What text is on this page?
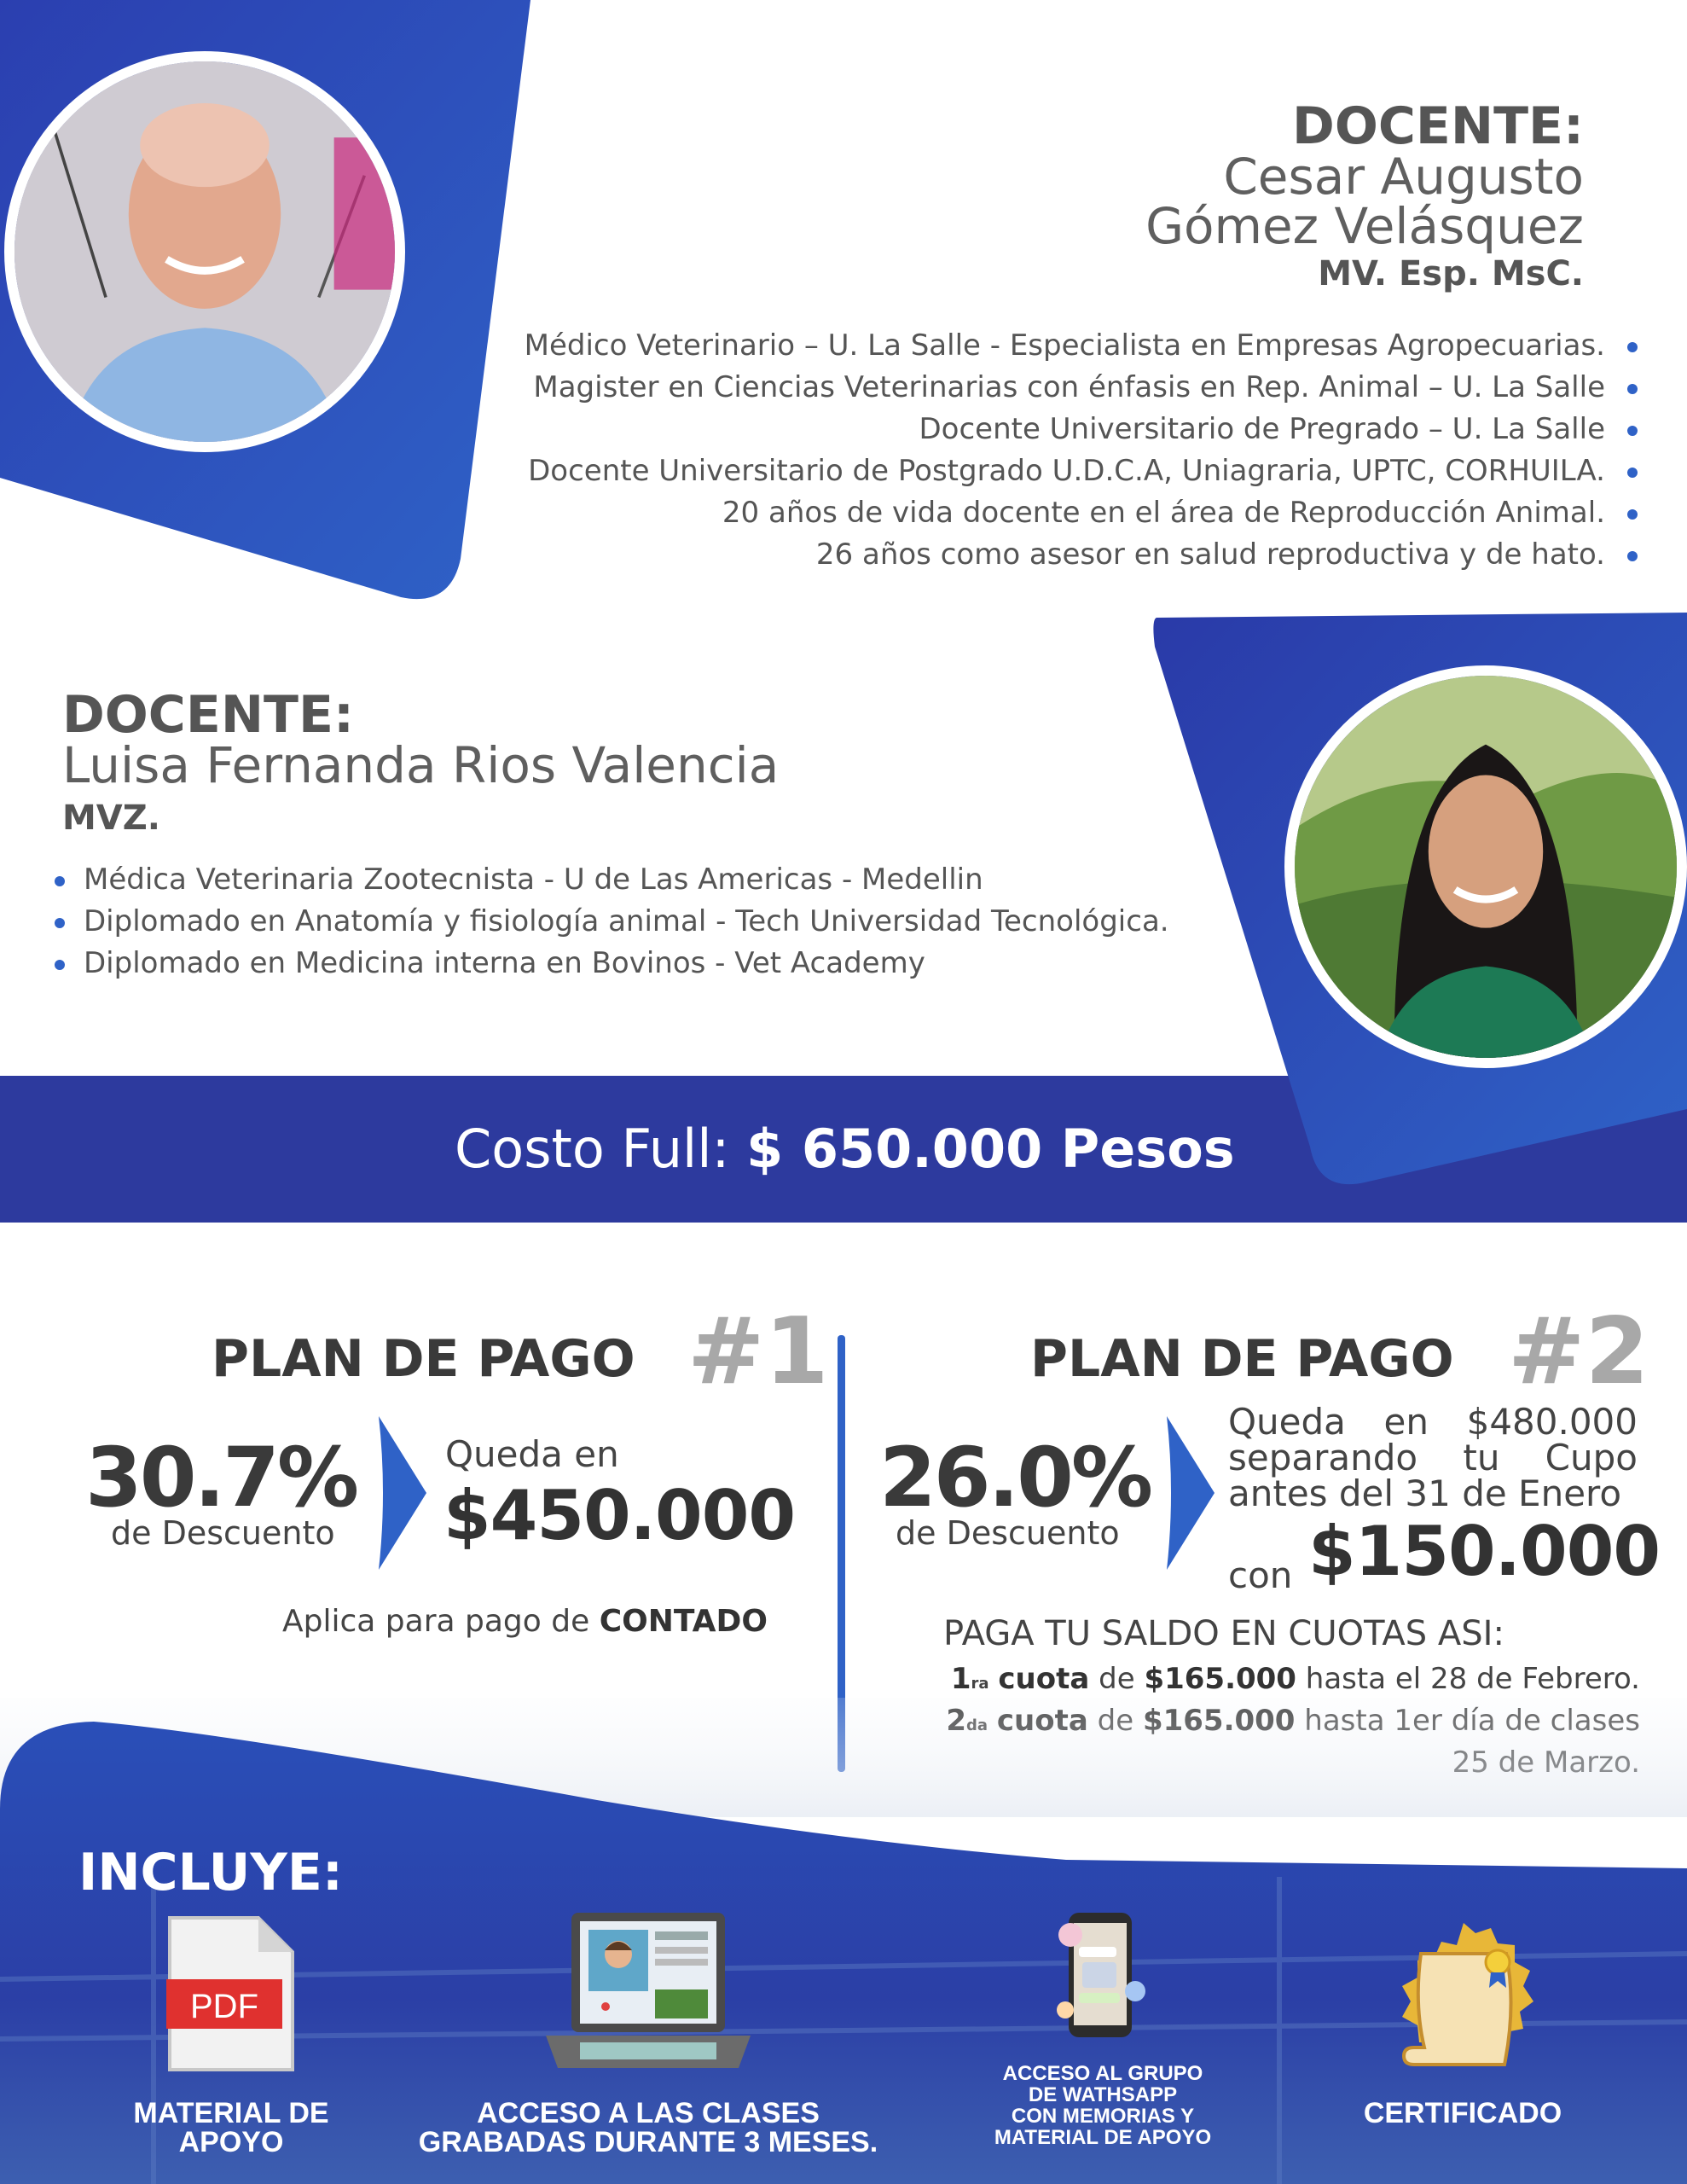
DOCENTE:
Cesar Augusto
Gómez Velásquez
MV. Esp. MsC.
Médico Veterinario – U. La Salle - Especialista en Empresas Agropecuarias.
Magister en Ciencias Veterinarias con énfasis en Rep. Animal – U. La Salle
Docente Universitario de Pregrado – U. La Salle
Docente Universitario de Postgrado U.D.C.A, Uniagraria, UPTC, CORHUILA.
20 años de vida docente en el área de Reproducción Animal.
26 años como asesor en salud reproductiva y de hato.
DOCENTE:
Luisa Fernanda Rios Valencia
MVZ.
Médica Veterinaria Zootecnista - U de Las Americas - Medellin
Diplomado en Anatomía y fisiología animal - Tech Universidad Tecnológica.
Diplomado en Medicina interna en Bovinos - Vet Academy
Costo Full: $ 650.000 Pesos
PLAN DE PAGO #1
30.7%
de Descuento
Queda en
$450.000
Aplica para pago de CONTADO
PLAN DE PAGO #2
26.0%
de Descuento
Queda en $480.000
separando tu Cupo
antes del 31 de Enero
con $150.000
PAGA TU SALDO EN CUOTAS ASI:
1ra cuota de $165.000 hasta el 28 de Febrero.
INCLUYE:
PDF
MATERIAL DE
APOYO
ACCESO A LAS CLASES
GRABADAS DURANTE 3 MESES.
ACCESO AL GRUPO
DE WATHSAPP
CON MEMORIAS Y
MATERIAL DE APOYO
CERTIFICADO
